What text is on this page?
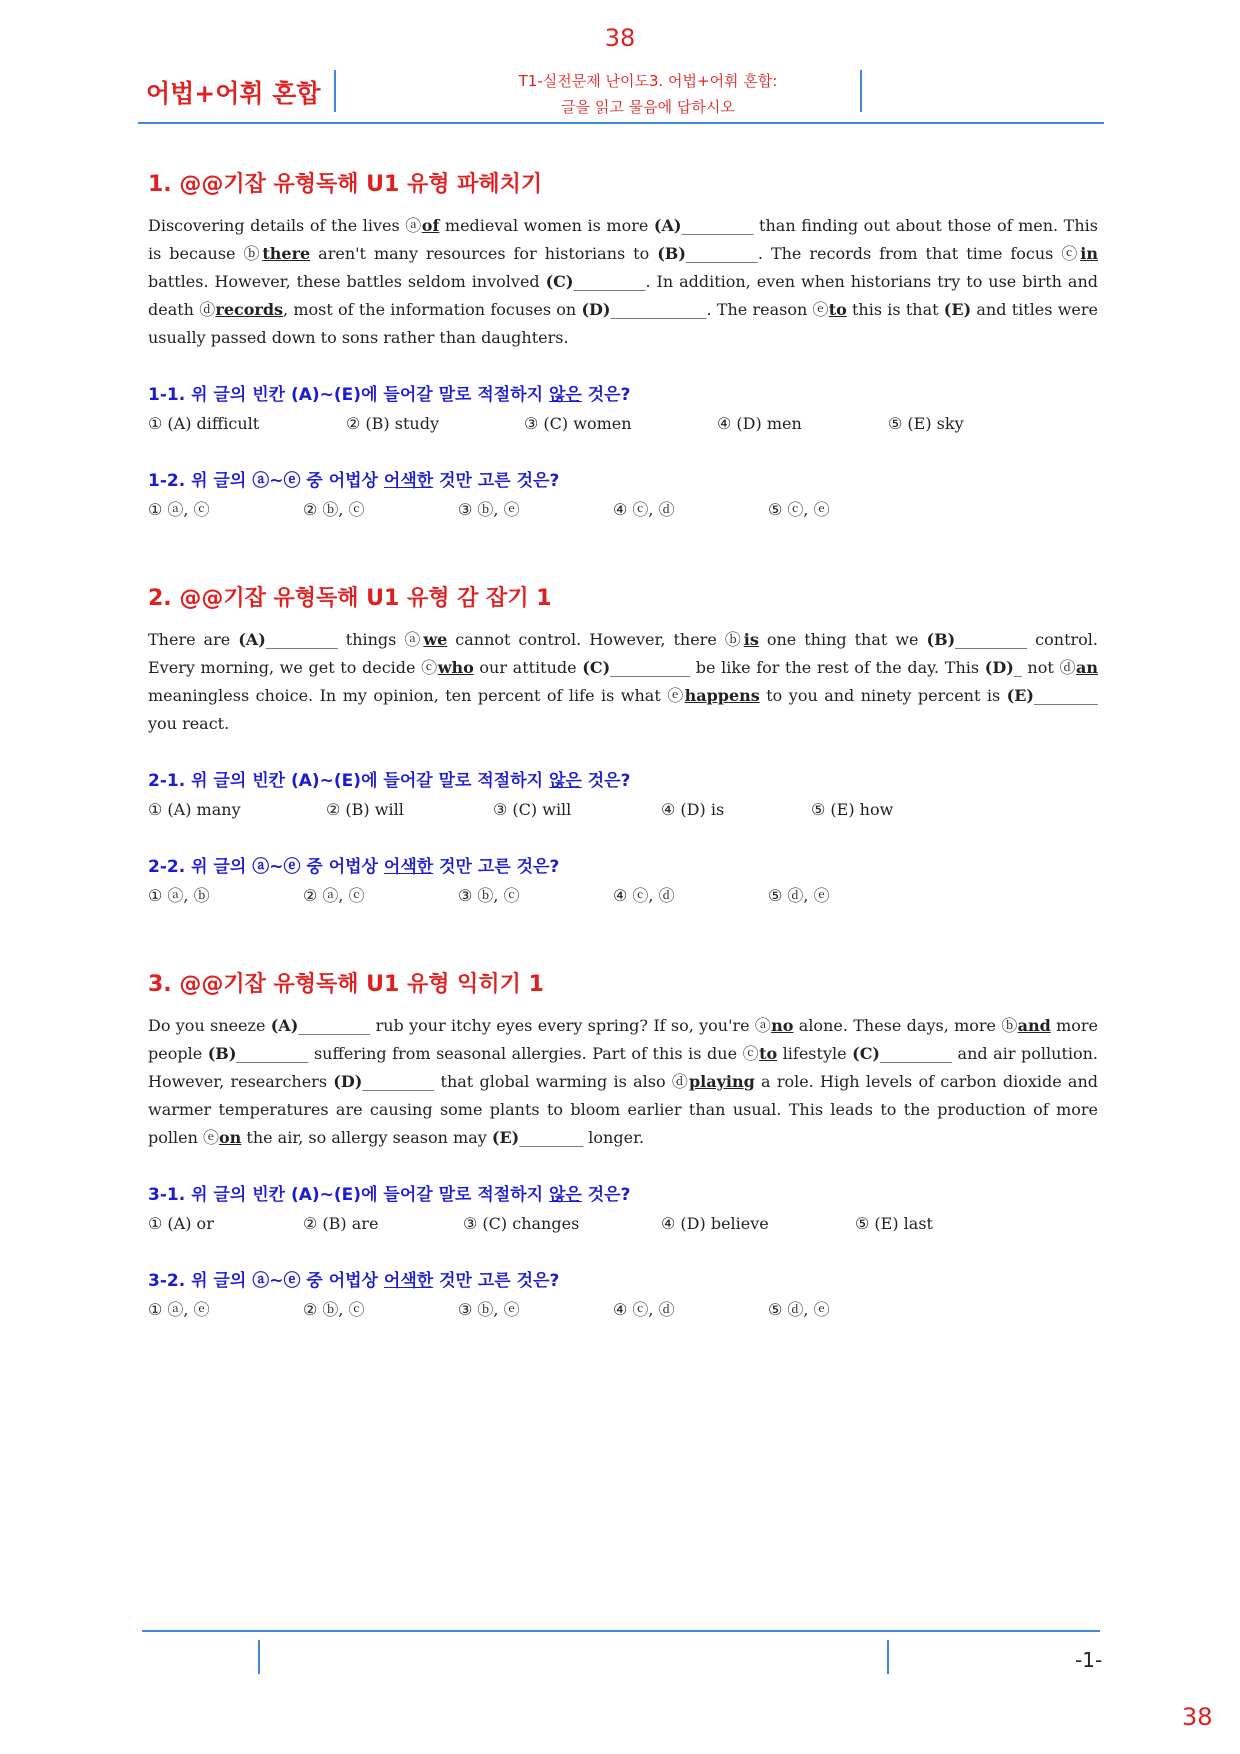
38
어법+어휘 혼합	T1-실전문제 난이도3. 어법+어휘 혼합:
글을 읽고 물음에 답하시오
1. @@기잡 유형독해 U1 유형 파헤치기

Discovering details of the lives ⓐof medieval women is more (A)_________ than finding out about those of men. This is because ⓑthere aren't many resources for historians to (B)_________. The records from that time focus ⓒin battles. However, these battles seldom involved (C)_________. In addition, even when historians try to use birth and death ⓓrecords, most of the information focuses on (D)____________. The reason ⓔto this is that (E) and titles were usually passed down to sons rather than daughters.

1-1. 위 글의 빈칸 (A)~(E)에 들어갈 말로 적절하지 않은 것은?
① (A) difficult	② (B) study	③ (C) women	④ (D) men	⑤ (E) sky
1-2. 위 글의 ⓐ~ⓔ 중 어법상 어색한 것만 고른 것은?
① ⓐ, ⓒ	② ⓑ, ⓒ	③ ⓑ, ⓔ	④ ⓒ, ⓓ	⑤ ⓒ, ⓔ
2. @@기잡 유형독해 U1 유형 감 잡기 1

There are (A)_________ things ⓐwe cannot control. However, there ⓑis one thing that we (B)_________ control. Every morning, we get to decide ⓒwho our attitude (C)__________ be like for the rest of the day. This (D)_ not ⓓan meaningless choice. In my opinion, ten percent of life is what ⓔhappens to you and ninety percent is (E)________ you react.

2-1. 위 글의 빈칸 (A)~(E)에 들어갈 말로 적절하지 않은 것은?
① (A) many	② (B) will	③ (C) will	④ (D) is	⑤ (E) how
2-2. 위 글의 ⓐ~ⓔ 중 어법상 어색한 것만 고른 것은?
① ⓐ, ⓑ	② ⓐ, ⓒ	③ ⓑ, ⓒ	④ ⓒ, ⓓ	⑤ ⓓ, ⓔ
3. @@기잡 유형독해 U1 유형 익히기 1

Do you sneeze (A)_________ rub your itchy eyes every spring? If so, you're ⓐno alone. These days, more ⓑand more people (B)_________ suffering from seasonal allergies. Part of this is due ⓒto lifestyle (C)_________ and air pollution. However, researchers (D)_________ that global warming is also ⓓplaying a role. High levels of carbon dioxide and warmer temperatures are causing some plants to bloom earlier than usual. This leads to the production of more pollen ⓔon the air, so allergy season may (E)________ longer.

3-1. 위 글의 빈칸 (A)~(E)에 들어갈 말로 적절하지 않은 것은?
① (A) or	② (B) are	③ (C) changes	④ (D) believe	⑤ (E) last
3-2. 위 글의 ⓐ~ⓔ 중 어법상 어색한 것만 고른 것은?
① ⓐ, ⓔ	② ⓑ, ⓒ	③ ⓑ, ⓔ	④ ⓒ, ⓓ	⑤ ⓓ, ⓔ
-1-
38
